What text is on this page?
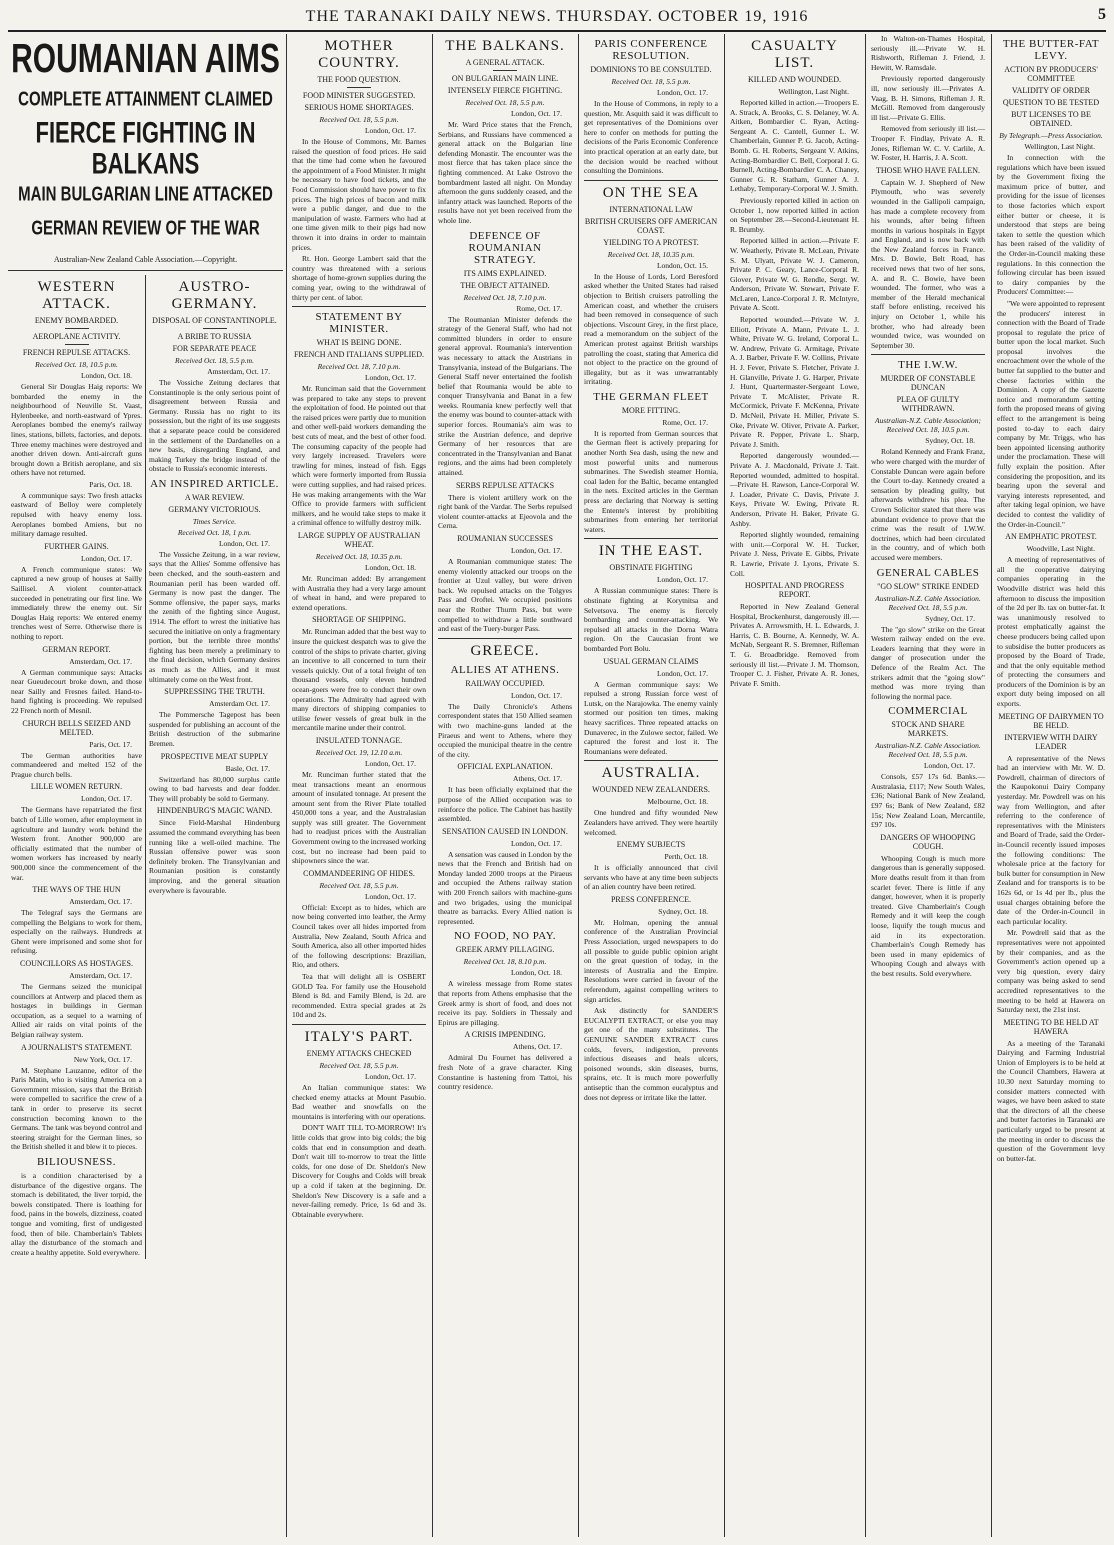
THE TARANAKI DAILY NEWS. THURSDAY. OCTOBER 19, 1916	5
ROUMANIAN AIMS
COMPLETE ATTAINMENT CLAIMED
FIERCE FIGHTING IN BALKANS
MAIN BULGARIAN LINE ATTACKED
GERMAN REVIEW OF THE WAR
Australian-New Zealand Cable Association.—Copyright.
WESTERN ATTACK.
ENEMY BOMBARDED.
AEROPLANE ACTIVITY.
FRENCH REPULSE ATTACKS.
Received Oct. 18, 10.5 p.m.
London, Oct. 18.

General Sir Douglas Haig reports: We bombarded the enemy in the neighbourhood of Neuville St. Vaast, Hylenbeeke, and north-eastward of Ypres. Aeroplanes bombed the enemy's railway lines, stations, billets, factories, and depots. Three enemy machines were destroyed and another driven down. Anti-aircraft guns brought down a British aeroplane, and six others have not returned.

Paris, Oct. 18.

A communique says: Two fresh attacks eastward of Belloy were completely repulsed with heavy enemy loss. Aeroplanes bombed Amiens, but no military damage resulted.

FURTHER GAINS.
London, Oct. 17.

A French communique states: We captured a new group of houses at Sailly Saillisel. A violent counter-attack succeeded in penetrating our first line. We immediately threw the enemy out. Sir Douglas Haig reports: We entered enemy trenches west of Serre. Otherwise there is nothing to report.

GERMAN REPORT.
Amsterdam, Oct. 17.

A German communique says: Attacks near Gueudecourt broke down, and those near Sailly and Fresnes failed. Hand-to-hand fighting is proceeding. We repulsed 22 French north of Mesnil.

CHURCH BELLS SEIZED AND MELTED.
Paris, Oct. 17.

The German authorities have commandeered and melted 152 of the Prague church bells.

LILLE WOMEN RETURN.
London, Oct. 17.

The Germans have repatriated the first batch of Lille women, after employment in agriculture and laundry work behind the Western front. Another 900,000 are officially estimated that the number of women workers has increased by nearly 900,000 since the commencement of the war.

THE WAYS OF THE HUN
Amsterdam, Oct. 17.

The Telegraf says the Germans are compelling the Belgians to work for them, especially on the railways. Hundreds at Ghent were imprisoned and some shot for refusing.

COUNCILLORS AS HOSTAGES.
Amsterdam, Oct. 17.

The Germans seized the municipal councillors at Antwerp and placed them as hostages in buildings in German occupation, as a sequel to a warning of Allied air raids on vital points of the Belgian railway system.

A JOURNALIST'S STATEMENT.
New York, Oct. 17.

M. Stephane Lauzanne, editor of the Paris Matin, who is visiting America on a Government mission, says that the British were compelled to sacrifice the crew of a tank in order to preserve its secret construction becoming known to the Germans. The tank was beyond control and steering straight for the German lines, so the British shelled it and blew it to pieces.

BILIOUSNESS.

is a condition characterised by a disturbance of the digestive organs. The stomach is debilitated, the liver torpid, the bowels constipated. There is loathing for food, pains in the bowels, dizziness, coated tongue and vomiting, first of undigested food, then of bile. Chamberlain's Tablets allay the disturbance of the stomach and create a healthy appetite. Sold everywhere.

AUSTRO-GERMANY.
DISPOSAL OF CONSTANTINOPLE.
A BRIBE TO RUSSIA
FOR SEPARATE PEACE
Received Oct. 18, 5.5 p.m.
Amsterdam, Oct. 17.

The Vossiche Zeitung declares that Constantinople is the only serious point of disagreement between Russia and Germany. Russia has no right to its possession, but the right of its use suggests that a separate peace could be considered in the settlement of the Dardanelles on a new basis, disregarding England, and making Turkey the bridge instead of the obstacle to Russia's economic interests.

AN INSPIRED ARTICLE.
A WAR REVIEW.
GERMANY VICTORIOUS.
Times Service.
Received Oct. 18, 1 p.m.
London, Oct. 17.

The Vossiche Zeitung, in a war review, says that the Allies' Somme offensive has been checked, and the south-eastern and Roumanian peril has been warded off. Germany is now past the danger. The Somme offensive, the paper says, marks the zenith of the fighting since August, 1914. The effort to wrest the initiative has secured the initiative on only a fragmentary portion, but the terrible three months' fighting has been merely a preliminary to the final decision, which Germany desires as much as the Allies, and it must ultimately come on the West front.

SUPPRESSING THE TRUTH.
Amsterdam Oct. 17.

The Pommersche Tagepost has been suspended for publishing an account of the British destruction of the submarine Bremen.

PROSPECTIVE MEAT SUPPLY
Basle, Oct. 17.

Switzerland has 80,000 surplus cattle owing to bad harvests and dear fodder. They will probably be sold to Germany.

HINDENBURG'S MAGIC WAND.

Since Field-Marshal Hindenburg assumed the command everything has been running like a well-oiled machine. The Russian offensive power was soon definitely broken. The Transylvanian and Roumanian position is constantly improving, and the general situation everywhere is favourable.

MOTHER COUNTRY.
THE FOOD QUESTION.
FOOD MINISTER SUGGESTED.
SERIOUS HOME SHORTAGES.
Received Oct. 18, 5.5 p.m.
London, Oct. 17.

In the House of Commons, Mr. Barnes raised the question of food prices. He said that the time had come when he favoured the appointment of a Food Minister. It might be necessary to have food tickets, and the Food Commission should have power to fix prices. The high prices of bacon and milk were a public danger, and due to the manipulation of waste. Farmers who had at one time given milk to their pigs had now thrown it into drains in order to maintain prices.

Rt. Hon. George Lambert said that the country was threatened with a serious shortage of home-grown supplies during the coming year, owing to the withdrawal of thirty per cent. of labor.

STATEMENT BY MINISTER.
WHAT IS BEING DONE.
FRENCH AND ITALIANS SUPPLIED.
Received Oct. 18, 7.10 p.m.
London, Oct. 17.

Mr. Runciman said that the Government was prepared to take any steps to prevent the exploitation of food. He pointed out that the raised prices were partly due to munition and other well-paid workers demanding the best cuts of meat, and the best of other food. The consuming capacity of the people had very largely increased. Travelers were trawling for mines, instead of fish. Eggs which were formerly imported from Russia were cutting supplies, and had raised prices. He was making arrangements with the War Office to provide farmers with sufficient milkers, and he would take steps to make it a criminal offence to wilfully destroy milk.

LARGE SUPPLY OF AUSTRALIAN WHEAT.
Received Oct. 18, 10.35 p.m.
London, Oct. 18.

Mr. Runciman added: By arrangement with Australia they had a very large amount of wheat in hand, and were prepared to extend operations.

SHORTAGE OF SHIPPING.

Mr. Runciman added that the best way to insure the quickest despatch was to give the control of the ships to private charter, giving an incentive to all concerned to turn their vessels quickly. Out of a total freight of ten thousand vessels, only eleven hundred ocean-goers were free to conduct their own operations. The Admiralty had agreed with many directors of shipping companies to utilise fewer vessels of great bulk in the mercantile marine under their control.

INSULATED TONNAGE.
Received Oct. 19, 12.10 a.m.
London, Oct. 17.

Mr. Runciman further stated that the meat transactions meant an enormous amount of insulated tonnage. At present the amount sent from the River Plate totalled 450,000 tons a year, and the Australasian supply was still greater. The Government had to readjust prices with the Australian Government owing to the increased working cost, but no increase had been paid to shipowners since the war.

COMMANDEERING OF HIDES.
Received Oct. 18, 5.5 p.m.
London, Oct. 17.

Official: Except as to hides, which are now being converted into leather, the Army Council takes over all hides imported from Australia, New Zealand, South Africa and South America, also all other imported hides of the following descriptions: Brazilian, Rio, and others.

Tea that will delight all is OSBERT GOLD Tea. For family use the Household Blend is 8d. and Family Blend, is 2d. are recommended. Extra special grades at 2s 10d and 2s.

ITALY'S PART.
ENEMY ATTACKS CHECKED
Received Oct. 18, 5.5 p.m.
London, Oct. 17.

An Italian communique states: We checked enemy attacks at Mount Pasubio. Bad weather and snowfalls on the mountains is interfering with our operations.

DON'T WAIT TILL TO-MORROW! It's little colds that grow into big colds; the big colds that end in consumption and death. Don't wait till to-morrow to treat the little colds, for one dose of Dr. Sheldon's New Discovery for Coughs and Colds will break up a cold if taken at the beginning. Dr. Sheldon's New Discovery is a safe and a never-failing remedy. Price, 1s 6d and 3s. Obtainable everywhere.

THE BALKANS.
A GENERAL ATTACK.
ON BULGARIAN MAIN LINE.
INTENSELY FIERCE FIGHTING.
Received Oct. 18, 5.5 p.m.
London, Oct. 17.

Mr. Ward Price states that the French, Serbians, and Russians have commenced a general attack on the Bulgarian line defending Monastir. The encounter was the most fierce that has taken place since the fighting commenced. At Lake Ostrovo the bombardment lasted all night. On Monday afternoon the guns suddenly ceased, and the infantry attack was launched. Reports of the results have not yet been received from the whole line.

DEFENCE OF ROUMANIAN STRATEGY.
ITS AIMS EXPLAINED.
THE OBJECT ATTAINED.
Received Oct. 18, 7.10 p.m.
Rome, Oct. 17.

The Roumanian Minister defends the strategy of the General Staff, who had not committed blunders in order to ensure general approval. Roumania's intervention was necessary to attack the Austrians in Transylvania, instead of the Bulgarians. The General Staff never entertained the foolish belief that Roumania would be able to conquer Transylvania and Banat in a few weeks. Roumania knew perfectly well that the enemy was bound to counter-attack with superior forces. Roumania's aim was to strike the Austrian defence, and deprive Germany of her resources that are concentrated in the Transylvanian and Banat regions, and the aims had been completely attained.

SERBS REPULSE ATTACKS

There is violent artillery work on the right bank of the Vardar. The Serbs repulsed violent counter-attacks at Ejeovola and the Cerna.

ROUMANIAN SUCCESSES
London, Oct. 17.

A Roumanian communique states: The enemy violently attacked our troops on the frontier at Uzul valley, but were driven back. We repulsed attacks on the Tolgyes Pass and Oroftei. We occupied positions near the Rother Thurm Pass, but were compelled to withdraw a little southward and east of the Tuery-burger Pass.

GREECE.
ALLIES AT ATHENS.
RAILWAY OCCUPIED.
London, Oct. 17.

The Daily Chronicle's Athens correspondent states that 150 Allied seamen with two machine-guns landed at the Piraeus and went to Athens, where they occupied the municipal theatre in the centre of the city.

OFFICIAL EXPLANATION.
Athens, Oct. 17.

It has been officially explained that the purpose of the Allied occupation was to reinforce the police. The Cabinet has hastily assembled.

SENSATION CAUSED IN LONDON.
London, Oct. 17.

A sensation was caused in London by the news that the French and British had on Monday landed 2000 troops at the Piraeus and occupied the Athens railway station with 200 French sailors with machine-guns and two brigades, using the municipal theatre as barracks. Every Allied nation is represented.

NO FOOD, NO PAY.
GREEK ARMY PILLAGING.
Received Oct. 18, 8.10 p.m.
London, Oct. 18.

A wireless message from Rome states that reports from Athens emphasise that the Greek army is short of food, and does not receive its pay. Soldiers in Thessaly and Epirus are pillaging.

A CRISIS IMPENDING.
Athens, Oct. 17.

Admiral Du Fournet has delivered a fresh Note of a grave character. King Constantine is hastening from Tattoi, his country residence.

PARIS CONFERENCE RESOLUTION.
DOMINIONS TO BE CONSULTED.
Received Oct. 18, 5.5 p.m.
London, Oct. 17.

In the House of Commons, in reply to a question, Mr. Asquith said it was difficult to get representatives of the Dominions over here to confer on methods for putting the decisions of the Paris Economic Conference into practical operation at an early date, but the decision would be reached without consulting the Dominions.

ON THE SEA
INTERNATIONAL LAW
BRITISH CRUISERS OFF AMERICAN COAST.
YIELDING TO A PROTEST.
Received Oct. 18, 10.35 p.m.
London, Oct. 15.

In the House of Lords, Lord Beresford asked whether the United States had raised objection to British cruisers patrolling the American coast, and whether the cruisers had been removed in consequence of such objections. Viscount Grey, in the first place, read a memorandum on the subject of the American protest against British warships patrolling the coast, stating that America did not object to the practice on the ground of illegality, but as it was unwarrantably irritating.

THE GERMAN FLEET
MORE FITTING.
Rome, Oct. 17.

It is reported from German sources that the German fleet is actively preparing for another North Sea dash, using the new and most powerful units and numerous submarines. The Swedish steamer Hornia, coal laden for the Baltic, became entangled in the nets. Excited articles in the German press are declaring that Norway is setting the Entente's interest by prohibiting submarines from entering her territorial waters.

IN THE EAST.
OBSTINATE FIGHTING
London, Oct. 17.

A Russian communique states: There is obstinate fighting at Korytnitsa and Selvetsova. The enemy is fiercely bombarding and counter-attacking. We repulsed all attacks in the Dorna Watra region. On the Caucasian front we bombarded Port Bolu.

USUAL GERMAN CLAIMS
London, Oct. 17.

A German communique says: We repulsed a strong Russian force west of Lutsk, on the Narajowka. The enemy vainly stormed our position ten times, making heavy sacrifices. Three repeated attacks on Dunaverec, in the Zulowe sector, failed. We captured the forest and lost it. The Roumanians were defeated.

AUSTRALIA.
WOUNDED NEW ZEALANDERS.
Melbourne, Oct. 18.

One hundred and fifty wounded New Zealanders have arrived. They were heartily welcomed.

ENEMY SUBJECTS
Perth, Oct. 18.

It is officially announced that civil servants who have at any time been subjects of an alien country have been retired.

PRESS CONFERENCE.
Sydney, Oct. 18.

Mr. Holman, opening the annual conference of the Australian Provincial Press Association, urged newspapers to do all possible to guide public opinion aright on the great question of today, in the interests of Australia and the Empire. Resolutions were carried in favour of the referendum, against compelling writers to sign articles.

Ask distinctly for SANDER'S EUCALYPTI EXTRACT, or else you may get one of the many substitutes. The GENUINE SANDER EXTRACT cures colds, fevers, indigestion, prevents infectious diseases and heals ulcers, poisoned wounds, skin diseases, burns, sprains, etc. It is much more powerfully antiseptic than the common eucalyptus and does not depress or irritate like the latter.

CASUALTY LIST.
KILLED AND WOUNDED.
Wellington, Last Night.

Reported killed in action.—Troopers E. A. Strack, A. Brooks, C. S. Delaney, W. A. Aitken, Bombardier C. Ryan, Acting-Sergeant A. C. Cantell, Gunner L. W. Chamberlain, Gunner P. G. Jacob, Acting-Bomb. G. H. Roberts, Sergeant V. Atkins, Acting-Bombardier C. Bell, Corporal J. G. Burnell, Acting-Bombardier C. A. Chaney, Gunner G. R. Statham, Gunner A. J. Lethaby, Temporary-Corporal W. J. Smith.

Previously reported killed in action on October 1, now reported killed in action on September 28.—Second-Lieutenant H. R. Brumby.

Reported killed in action.—Private F. W. Weatherly, Private R. McLean, Private S. M. Ulyatt, Private W. J. Cameron, Private P. C. Geary, Lance-Corporal R. Glover, Private W. G. Rendle, Sergt. W. Anderson, Private W. Stewart, Private F. McLaren, Lance-Corporal J. R. McIntyre, Private A. Scott.

Reported wounded.—Private W. J. Elliott, Private A. Mann, Private L. J. White, Private W. G. Ireland, Corporal L. W. Andrew, Private G. Armitage, Private A. J. Barber, Private F. W. Collins, Private H. J. Fever, Private S. Fletcher, Private J. H. Glanville, Private J. G. Harper, Private J. Hunt, Quartermaster-Sergeant Lowe, Private T. McAlister, Private R. McCormick, Private F. McKenna, Private D. McNeil, Private H. Miller, Private S. Oke, Private W. Oliver, Private A. Parker, Private R. Pepper, Private L. Sharp, Private J. Smith.

Reported dangerously wounded.—Private A. J. Macdonald, Private J. Tait. Reported wounded, admitted to hospital.—Private H. Rawson, Lance-Corporal W. J. Loader, Private C. Davis, Private J. Keys, Private W. Ewing, Private R. Anderson, Private H. Baker, Private G. Ashby.

Reported slightly wounded, remaining with unit.—Corporal W. H. Tucker, Private J. Ness, Private E. Gibbs, Private R. Lawrie, Private J. Lyons, Private S. Coll.

HOSPITAL AND PROGRESS REPORT.

Reported in New Zealand General Hospital, Brockenhurst, dangerously ill.—Privates A. Arrowsmith, H. L. Edwards, J. Harris, C. B. Bourne, A. Kennedy, W. A. McNab, Sergeant R. S. Bremner, Rifleman T. G. Broadbridge. Removed from seriously ill list.—Private J. M. Thomson, Trooper C. J. Fisher, Private A. R. Jones, Private F. Smith.

In Walton-on-Thames Hospital, seriously ill.—Private W. H. Rishworth, Rifleman J. Friend, J. Hewitt, W. Ramsdale.

Previously reported dangerously ill, now seriously ill.—Privates A. Vaag, B. H. Simons, Rifleman J. R. McGill. Removed from dangerously ill list.—Private G. Ellis.

Removed from seriously ill list.—Trooper F. Findlay, Private A. R. Jones, Rifleman W. C. V. Carlile, A. W. Foster, H. Harris, J. A. Scott.

THOSE WHO HAVE FALLEN.

Captain W. J. Shepherd of New Plymouth, who was severely wounded in the Gallipoli campaign, has made a complete recovery from his wounds, after being fifteen months in various hospitals in Egypt and England, and is now back with the New Zealand forces in France. Mrs. D. Bowie, Belt Road, has received news that two of her sons, A. and R. C. Bowie, have been wounded. The former, who was a member of the Herald mechanical staff before enlisting, received his injury on October 1, while his brother, who had already been wounded twice, was wounded on September 30.

THE I.W.W.
MURDER OF CONSTABLE DUNCAN
PLEA OF GUILTY WITHDRAWN.
Australian-N.Z. Cable Association; Received Oct. 18, 10.5 p.m.
Sydney, Oct. 18.

Roland Kennedy and Frank Franz, who were charged with the murder of Constable Duncan were again before the Court to-day. Kennedy created a sensation by pleading guilty, but afterwards withdrew his plea. The Crown Solicitor stated that there was abundant evidence to prove that the crime was the result of I.W.W. doctrines, which had been circulated in the country, and of which both accused were members.

GENERAL CABLES
"GO SLOW" STRIKE ENDED
Australian-N.Z. Cable Association. Received Oct. 18, 5.5 p.m.
Sydney, Oct. 17.

The "go slow" strike on the Great Western railway ended on the eve. Leaders learning that they were in danger of prosecution under the Defence of the Realm Act. The strikers admit that the "going slow" method was more trying than following the normal pace.

COMMERCIAL
STOCK AND SHARE MARKETS.
Australian-N.Z. Cable Association. Received Oct. 18, 5.5 p.m.
London, Oct. 17.

Consols, £57 17s 6d. Banks.—Australasia, £117; New South Wales, £36; National Bank of New Zealand, £97 6s; Bank of New Zealand, £82 15s; New Zealand Loan, Mercantile, £97 10s.

DANGERS OF WHOOPING COUGH.

Whooping Cough is much more dangerous than is generally supposed. More deaths result from it than from scarlet fever. There is little if any danger, however, when it is properly treated. Give Chamberlain's Cough Remedy and it will keep the cough loose, liquify the tough mucus and aid in its expectoration. Chamberlain's Cough Remedy has been used in many epidemics of Whooping Cough and always with the best results. Sold everywhere.

THE BUTTER-FAT LEVY.
ACTION BY PRODUCERS' COMMITTEE
VALIDITY OF ORDER
QUESTION TO BE TESTED
BUT LICENSES TO BE OBTAINED.
By Telegraph.—Press Association.
Wellington, Last Night.

In connection with the regulations which have been issued by the Government fixing the maximum price of butter, and providing for the issue of licenses to those factories which export either butter or cheese, it is understood that steps are being taken to settle the question which has been raised of the validity of the Order-in-Council making these regulations. In this connection the following circular has been issued to dairy companies by the Producers' Committee:—

"We were appointed to represent the producers' interest in connection with the Board of Trade proposal to regulate the price of butter upon the local market. Such proposal involves the encroachment over the whole of the butter fat supplied to the butter and cheese factories within the Dominion. A copy of the Gazette notice and memorandum setting forth the proposed means of giving effect to the arrangement is being posted to-day to each dairy company by Mr. Triggs, who has been appointed licensing authority under the proclamation. These will fully explain the position. After considering the proposition, and its bearing upon the several and varying interests represented, and after taking legal opinion, we have decided to contest the validity of the Order-in-Council."

AN EMPHATIC PROTEST.
Woodville, Last Night.

A meeting of representatives of all the cooperative dairying companies operating in the Woodville district was held this afternoon to discuss the imposition of the 2d per lb. tax on butter-fat. It was unanimously resolved to protest emphatically against the cheese producers being called upon to subsidise the butter producers as proposed by the Board of Trade, and that the only equitable method of protecting the consumers and producers of the Dominion is by an export duty being imposed on all exports.

MEETING OF DAIRYMEN TO BE HELD.
INTERVIEW WITH DAIRY LEADER

A representative of the News had an interview with Mr. W. D. Powdrell, chairman of directors of the Kaupokonui Dairy Company yesterday. Mr. Powdrell was on his way from Wellington, and after referring to the conference of representatives with the Ministers and Board of Trade, said the Order-in-Council recently issued imposes the following conditions: The wholesale price at the factory for bulk butter for consumption in New Zealand and for transports is to be 162s 6d, or 1s 4d per lb., plus the usual charges obtaining before the date of the Order-in-Council in each particular locality.

Mr. Powdrell said that as the representatives were not appointed by their companies, and as the Government's action opened up a very big question, every dairy company was being asked to send accredited representatives to the meeting to be held at Hawera on Saturday next, the 21st inst.

MEETING TO BE HELD AT HAWERA

As a meeting of the Taranaki Dairying and Farming Industrial Union of Employers is to be held at the Council Chambers, Hawera at 10.30 next Saturday morning to consider matters connected with wages, we have been asked to state that the directors of all the cheese and butter factories in Taranaki are particularly urged to be present at the meeting in order to discuss the question of the Government levy on butter-fat.
